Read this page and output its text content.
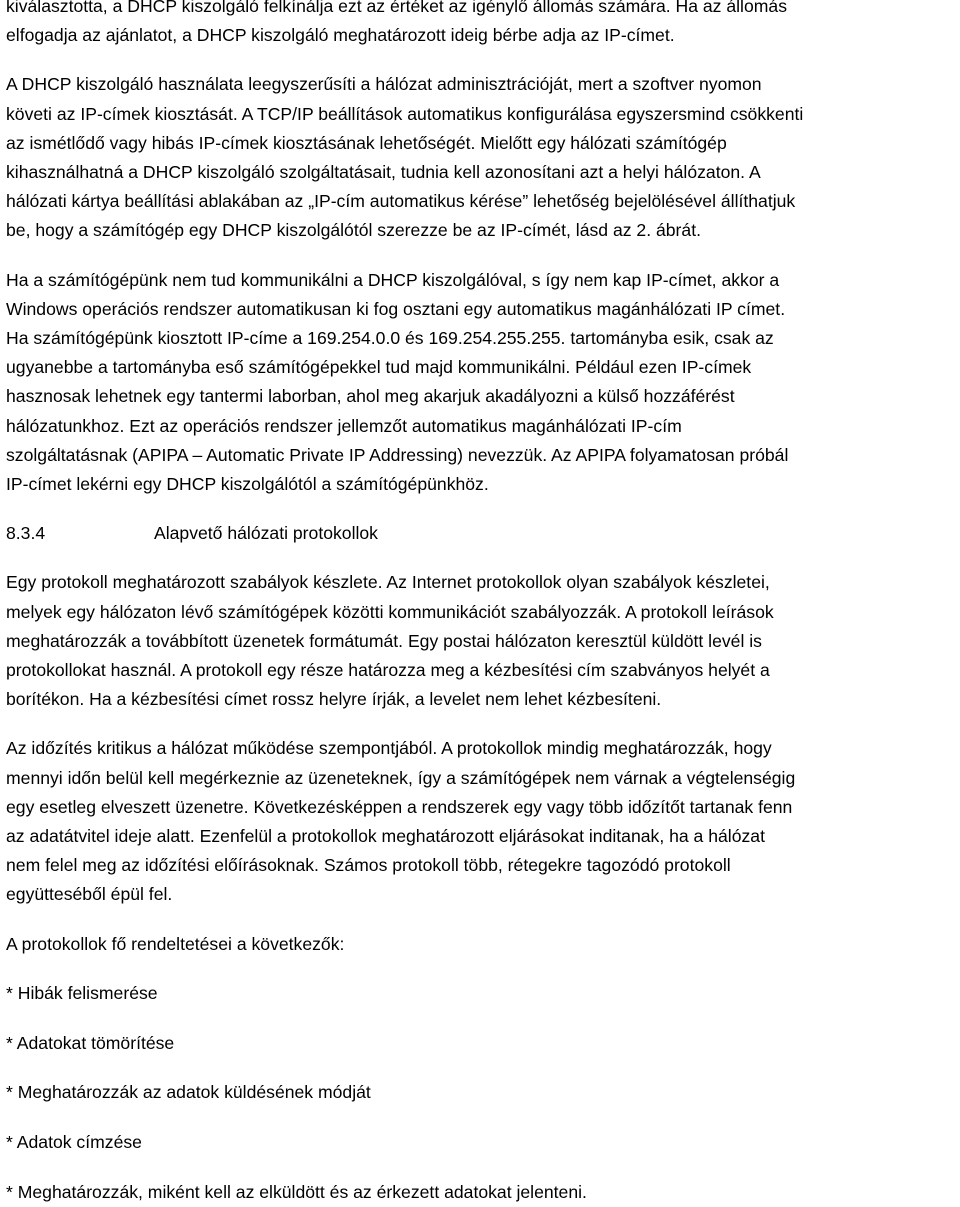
kiválasztotta, a DHCP kiszolgáló felkínálja ezt az értéket az igénylő állomás számára. Ha az állomás
elfogadja az ajánlatot, a DHCP kiszolgáló meghatározott ideig bérbe adja az IP-címet.
A DHCP kiszolgáló használata leegyszerűsíti a hálózat adminisztrációját, mert a szoftver nyomon
követi az IP-címek kiosztását. A TCP/IP beállítások automatikus konfigurálása egyszersmind csökkenti
az ismétlődő vagy hibás IP-címek kiosztásának lehetőségét. Mielőtt egy hálózati számítógép
kihasználhatná a DHCP kiszolgáló szolgáltatásait, tudnia kell azonosítani azt a helyi hálózaton. A
hálózati kártya beállítási ablakában az „IP-cím automatikus kérése” lehetőség bejelölésével állíthatjuk
be, hogy a számítógép egy DHCP kiszolgálótól szerezze be az IP-címét, lásd az 2. ábrát.
Ha a számítógépünk nem tud kommunikálni a DHCP kiszolgálóval, s így nem kap IP-címet, akkor a
Windows operációs rendszer automatikusan ki fog osztani egy automatikus magánhálózati IP címet.
Ha számítógépünk kiosztott IP-címe a 169.254.0.0 és 169.254.255.255. tartományba esik, csak az
ugyanebbe a tartományba eső számítógépekkel tud majd kommunikálni. Például ezen IP-címek
hasznosak lehetnek egy tantermi laborban, ahol meg akarjuk akadályozni a külső hozzáférést
hálózatunkhoz. Ezt az operációs rendszer jellemzőt automatikus magánhálózati IP-cím
szolgáltatásnak (APIPA – Automatic Private IP Addressing) nevezzük. Az APIPA folyamatosan próbál
IP-címet lekérni egy DHCP kiszolgálótól a számítógépünkhöz.
8.3.4	Alapvető hálózati protokollok
Egy protokoll meghatározott szabályok készlete. Az Internet protokollok olyan szabályok készletei,
melyek egy hálózaton lévő számítógépek közötti kommunikációt szabályozzák. A protokoll leírások
meghatározzák a továbbított üzenetek formátumát. Egy postai hálózaton keresztül küldött levél is
protokollokat használ. A protokoll egy része határozza meg a kézbesítési cím szabványos helyét a
borítékon. Ha a kézbesítési címet rossz helyre írják, a levelet nem lehet kézbesíteni.
Az időzítés kritikus a hálózat működése szempontjából. A protokollok mindig meghatározzák, hogy
mennyi időn belül kell megérkeznie az üzeneteknek, így a számítógépek nem várnak a végtelenségig
egy esetleg elveszett üzenetre. Következésképpen a rendszerek egy vagy több időzítőt tartanak fenn
az adatátvitel ideje alatt. Ezenfelül a protokollok meghatározott eljárásokat inditanak, ha a hálózat
nem felel meg az időzítési előírásoknak. Számos protokoll több, rétegekre tagozódó protokoll
együtteséből épül fel.
A protokollok fő rendeltetései a következők:
* Hibák felismerése
* Adatokat tömörítése
* Meghatározzák az adatok küldésének módját
* Adatok címzése
* Meghatározzák, miként kell az elküldött és az érkezett adatokat jelenteni.
